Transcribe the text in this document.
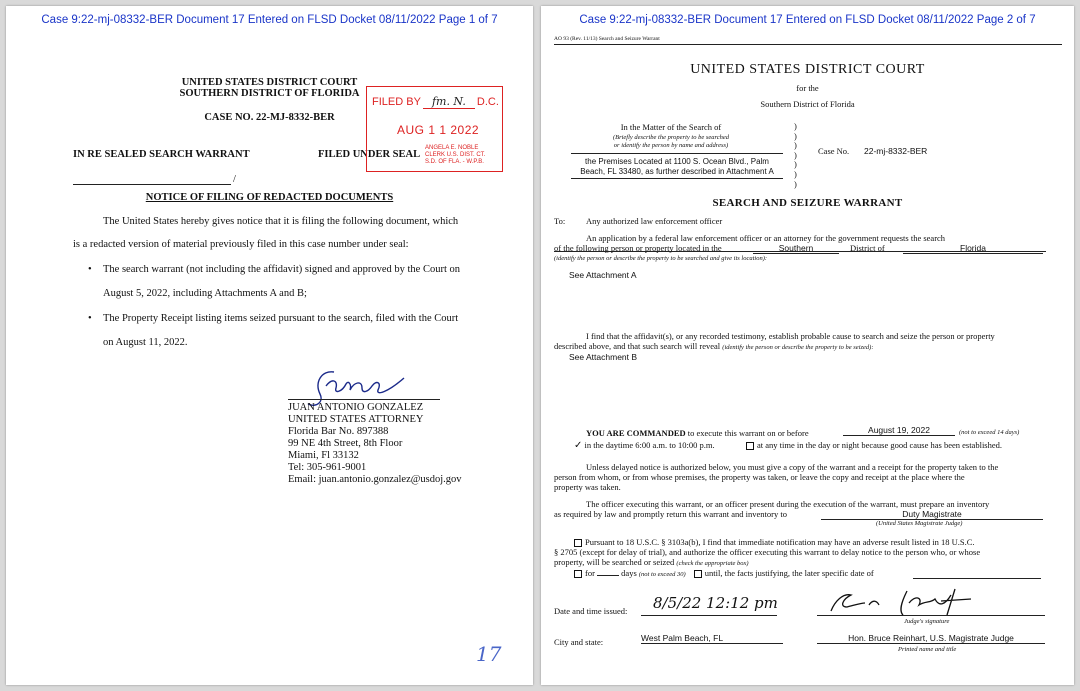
Case 9:22-mj-08332-BER Document 17 Entered on FLSD Docket 08/11/2022 Page 1 of 7
UNITED STATES DISTRICT COURT
SOUTHERN DISTRICT OF FLORIDA
CASE NO. 22-MJ-8332-BER
IN RE SEALED SEARCH WARRANT	FILED UNDER SEAL
FILED BY fm. N. D.C.
AUG 1 1 2022
ANGELA E. NOBLE
CLERK U.S. DIST. CT.
S.D. OF FLA. - W.P.B.
/
NOTICE OF FILING OF REDACTED DOCUMENTS
The United States hereby gives notice that it is filing the following document, which
is a redacted version of material previously filed in this case number under seal:
• The search warrant (not including the affidavit) signed and approved by the Court on
August 5, 2022, including Attachments A and B;
• The Property Receipt listing items seized pursuant to the search, filed with the Court
on August 11, 2022.
JUAN ANTONIO GONZALEZ
UNITED STATES ATTORNEY
Florida Bar No. 897388
99 NE 4th Street, 8th Floor
Miami, Fl 33132
Tel: 305-961-9001
Email: juan.antonio.gonzalez@usdoj.gov
17
Case 9:22-mj-08332-BER Document 17 Entered on FLSD Docket 08/11/2022 Page 2 of 7
AO 93 (Rev. 11/13) Search and Seizure Warrant
UNITED STATES DISTRICT COURT
for the
Southern District of Florida
In the Matter of the Search of
(Briefly describe the property to be searched
or identify the person by name and address)
the Premises Located at 1100 S. Ocean Blvd., Palm
Beach, FL 33480, as further described in Attachment A
)
)
)
)
)
)
)
Case No. 22-mj-8332-BER
SEARCH AND SEIZURE WARRANT
To: Any authorized law enforcement officer
An application by a federal law enforcement officer or an attorney for the government requests the search
of the following person or property located in the	Southern	District of	Florida
(identify the person or describe the property to be searched and give its location):
See Attachment A
I find that the affidavit(s), or any recorded testimony, establish probable cause to search and seize the person or property
described above, and that such search will reveal (identify the person or describe the property to be seized):
See Attachment B
YOU ARE COMMANDED to execute this warrant on or before	August 19, 2022	(not to exceed 14 days)
✓ in the daytime 6:00 a.m. to 10:00 p.m.	at any time in the day or night because good cause has been established.
Unless delayed notice is authorized below, you must give a copy of the warrant and a receipt for the property taken to the
person from whom, or from whose premises, the property was taken, or leave the copy and receipt at the place where the
property was taken.
The officer executing this warrant, or an officer present during the execution of the warrant, must prepare an inventory
as required by law and promptly return this warrant and inventory to	Duty Magistrate
(United States Magistrate Judge)
Pursuant to 18 U.S.C. § 3103a(b), I find that immediate notification may have an adverse result listed in 18 U.S.C.
§ 2705 (except for delay of trial), and authorize the officer executing this warrant to delay notice to the person who, or whose
property, will be searched or seized (check the appropriate box)
for	days (not to exceed 30) until, the facts justifying, the later specific date of
Date and time issued: 8/5/22 12:12 pm
Judge's signature
City and state:	West Palm Beach, FL	Hon. Bruce Reinhart, U.S. Magistrate Judge
Printed name and title
